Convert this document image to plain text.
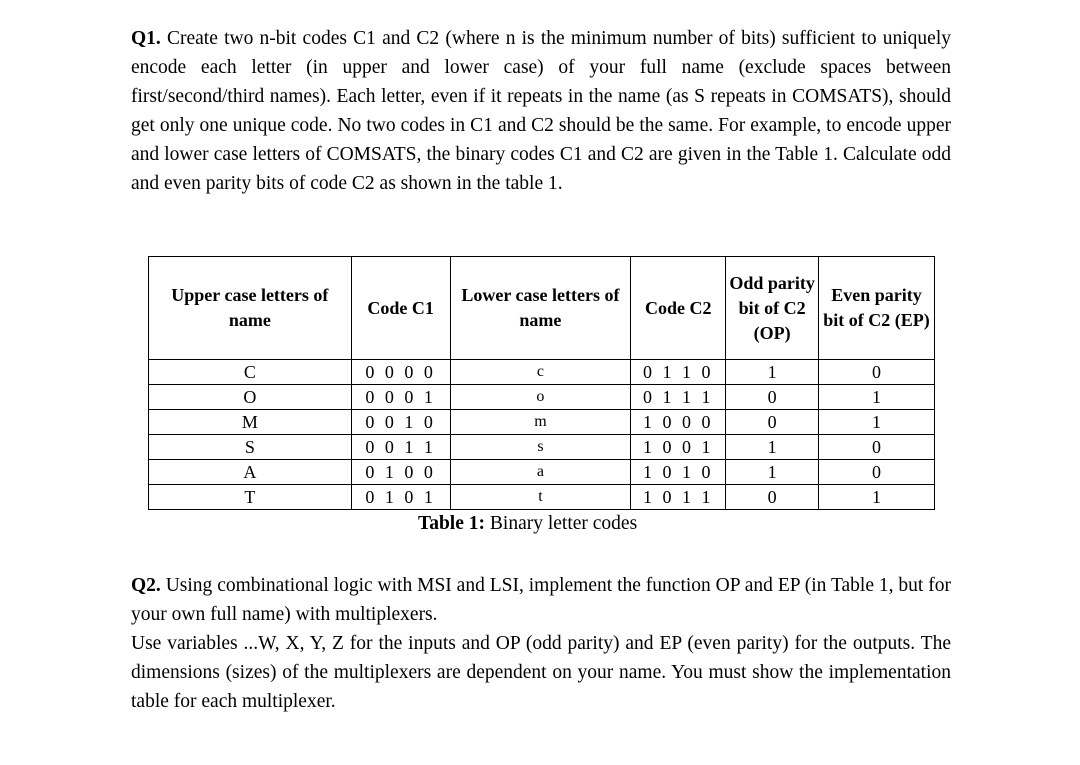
Q1. Create two n-bit codes C1 and C2 (where n is the minimum number of bits) sufficient to uniquely encode each letter (in upper and lower case) of your full name (exclude spaces between first/second/third names). Each letter, even if it repeats in the name (as S repeats in COMSATS), should get only one unique code. No two codes in C1 and C2 should be the same. For example, to encode upper and lower case letters of COMSATS, the binary codes C1 and C2 are given in the Table 1. Calculate odd and even parity bits of code C2 as shown in the table 1.
Upper case letters of name	Code C1	Lower case letters of name	Code C2	Odd parity bit of C2 (OP)	Even parity bit of C2 (EP)
C	0 0 0 0	c	0 1 1 0	1	0
O	0 0 0 1	o	0 1 1 1	0	1
M	0 0 1 0	m	1 0 0 0	0	1
S	0 0 1 1	s	1 0 0 1	1	0
A	0 1 0 0	a	1 0 1 0	1	0
T	0 1 0 1	t	1 0 1 1	0	1
Table 1: Binary letter codes
Q2. Using combinational logic with MSI and LSI, implement the function OP and EP (in Table 1, but for your own full name) with multiplexers.
Use variables ...W, X, Y, Z for the inputs and OP (odd parity) and EP (even parity) for the outputs. The dimensions (sizes) of the multiplexers are dependent on your name. You must show the implementation table for each multiplexer.
